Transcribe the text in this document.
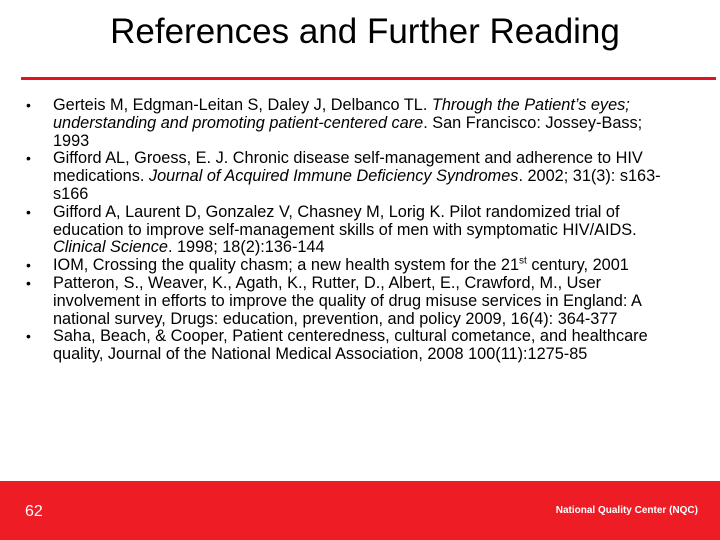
References and Further Reading
• Gerteis M, Edgman-Leitan S, Daley J, Delbanco TL. Through the Patient’s eyes; understanding and promoting patient-centered care. San Francisco: Jossey-Bass; 1993
• Gifford AL, Groess, E. J. Chronic disease self-management and adherence to HIV medications. Journal of Acquired Immune Deficiency Syndromes. 2002; 31(3): s163-s166
• Gifford A, Laurent D, Gonzalez V, Chasney M, Lorig K. Pilot randomized trial of education to improve self-management skills of men with symptomatic HIV/AIDS. Clinical Science. 1998; 18(2):136-144
• IOM, Crossing the quality chasm; a new health system for the 21st century, 2001
• Patteron, S., Weaver, K., Agath, K., Rutter, D., Albert, E., Crawford, M., User involvement in efforts to improve the quality of drug misuse services in England: A national survey, Drugs: education, prevention, and policy 2009, 16(4): 364-377
• Saha, Beach, & Cooper, Patient centeredness, cultural cometance, and healthcare quality, Journal of the National Medical Association, 2008 100(11):1275-85
62	National Quality Center (NQC)
